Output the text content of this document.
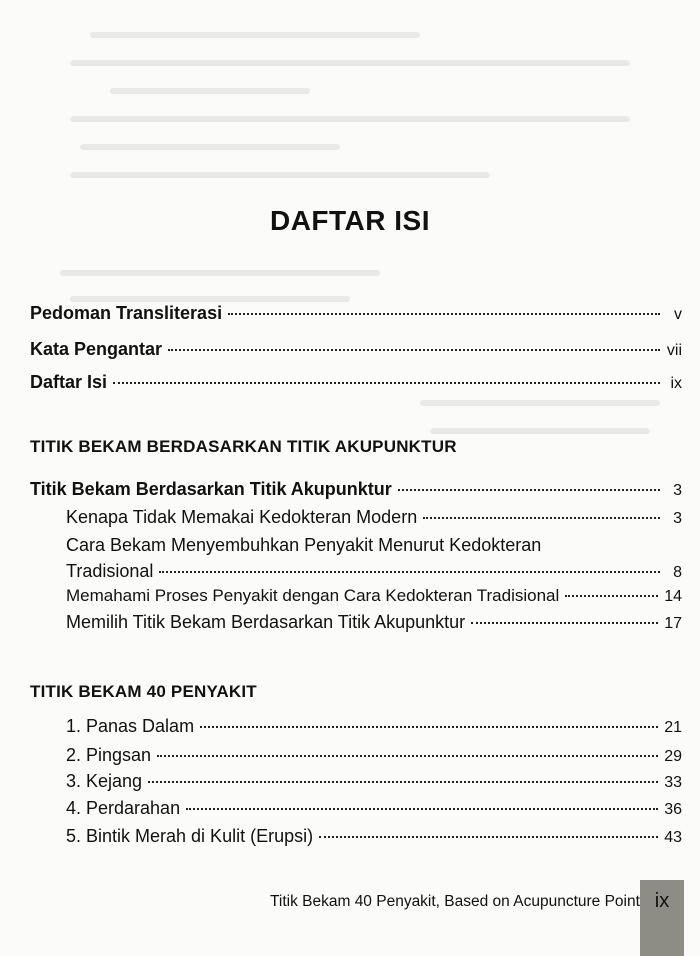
DAFTAR ISI
Pedoman Transliterasi	v
Kata Pengantar	vii
Daftar Isi	ix
TITIK BEKAM BERDASARKAN TITIK AKUPUNKTUR
Titik Bekam Berdasarkan Titik Akupunktur	3
Kenapa Tidak Memakai Kedokteran Modern	3
Cara Bekam Menyembuhkan Penyakit Menurut Kedokteran
Tradisional	8
Memahami Proses Penyakit dengan Cara Kedokteran Tradisional	14
Memilih Titik Bekam Berdasarkan Titik Akupunktur	17
TITIK BEKAM 40 PENYAKIT
1. Panas Dalam	21
2. Pingsan	29
3. Kejang	33
4. Perdarahan	36
5. Bintik Merah di Kulit (Erupsi)	43
Titik Bekam 40 Penyakit, Based on Acupuncture Point ix
